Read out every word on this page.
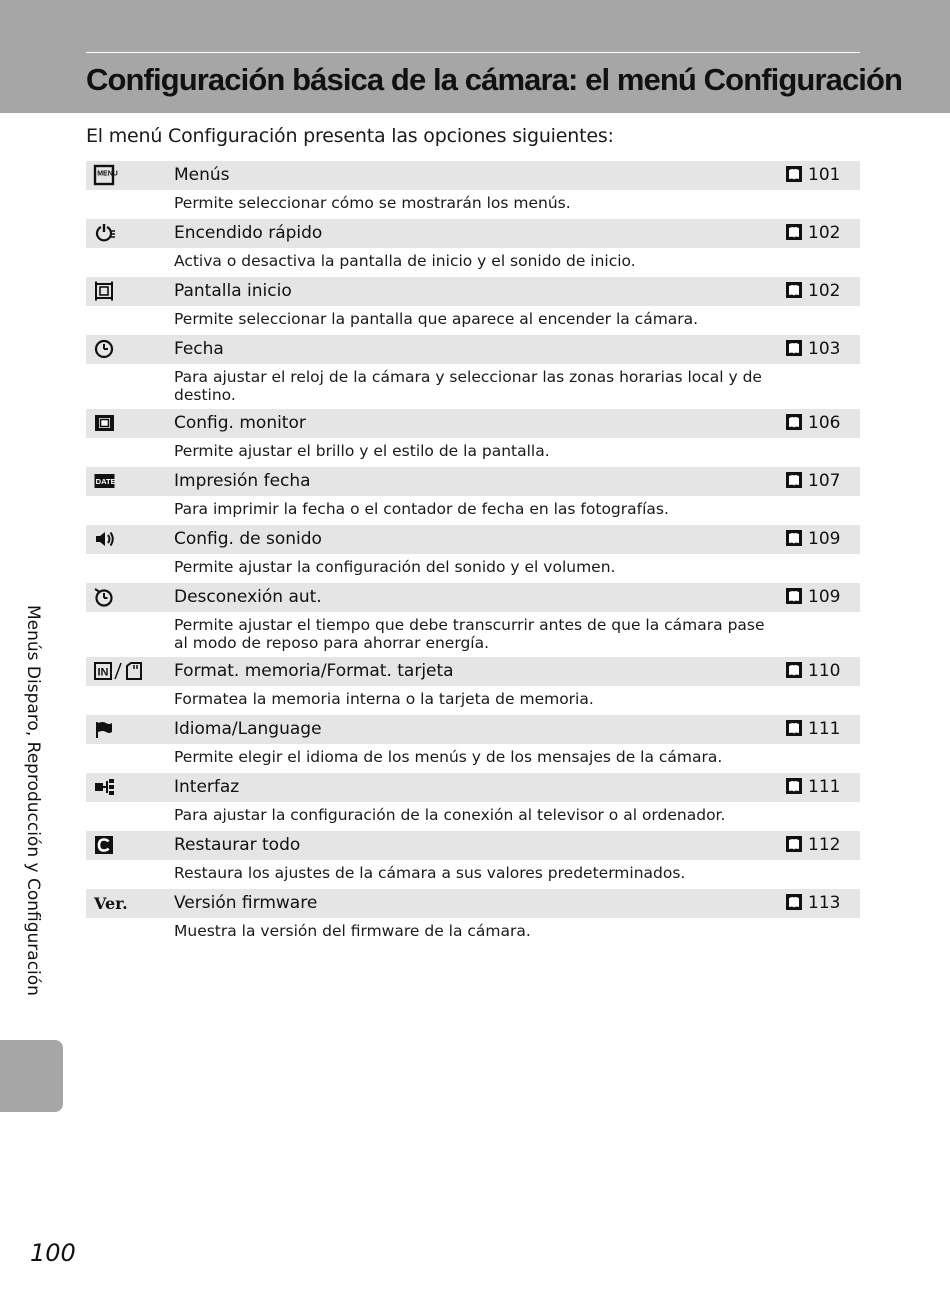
Configuración básica de la cámara: el menú Configuración
El menú Configuración presenta las opciones siguientes:
MENU	Menús	101
Permite seleccionar cómo se mostrarán los menús.
Encendido rápido	102
Activa o desactiva la pantalla de inicio y el sonido de inicio.
Pantalla inicio	102
Permite seleccionar la pantalla que aparece al encender la cámara.
Fecha	103
Para ajustar el reloj de la cámara y seleccionar las zonas horarias local y de destino.
Config. monitor	106
Permite ajustar el brillo y el estilo de la pantalla.
DATE	Impresión fecha	107
Para imprimir la fecha o el contador de fecha en las fotografías.
Config. de sonido	109
Permite ajustar la configuración del sonido y el volumen.
Desconexión aut.	109
Permite ajustar el tiempo que debe transcurrir antes de que la cámara pase al modo de reposo para ahorrar energía.
IN	Format. memoria/Format. tarjeta	110
Formatea la memoria interna o la tarjeta de memoria.
Idioma/Language	111
Permite elegir el idioma de los menús y de los mensajes de la cámara.
Interfaz	111
Para ajustar la configuración de la conexión al televisor o al ordenador.
Restaurar todo	112
Restaura los ajustes de la cámara a sus valores predeterminados.
Ver.	Versión firmware	113
Muestra la versión del firmware de la cámara.
Menús Disparo, Reproducción y Configuración
100
